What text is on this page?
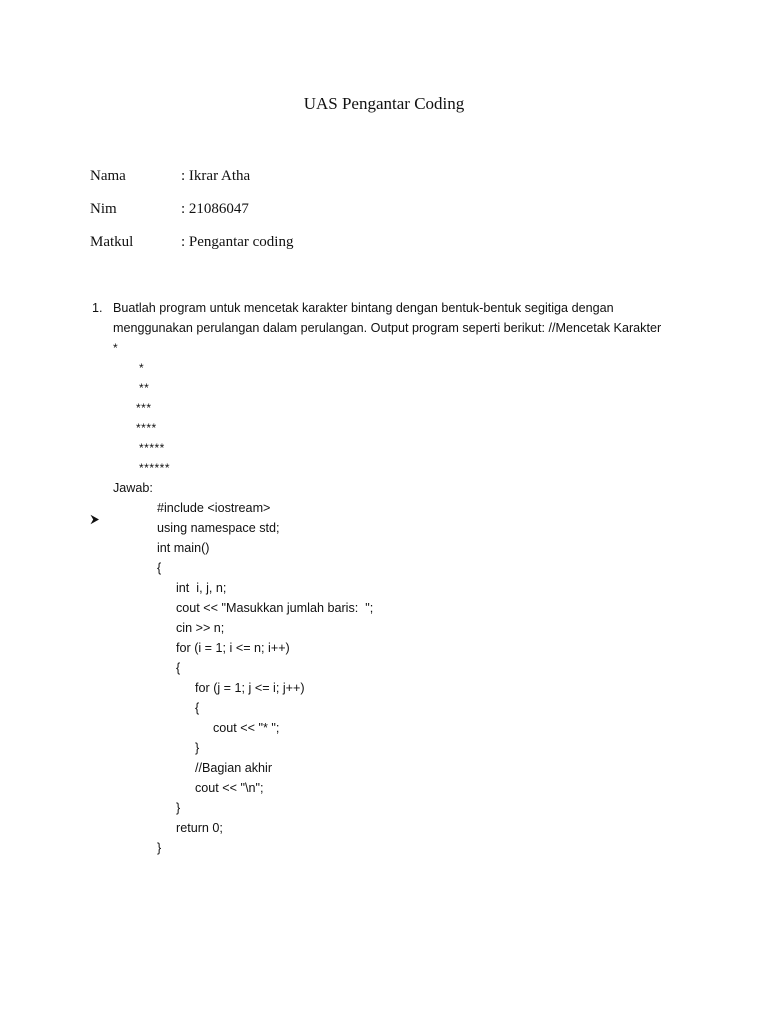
UAS Pengantar Coding
Nama	: Ikrar Atha
Nim	: 21086047
Matkul	: Pengantar coding
1. Buatlah program untuk mencetak karakter bintang dengan bentuk-bentuk segitiga dengan
menggunakan perulangan dalam perulangan. Output program seperti berikut: //Mencetak Karakter
*
*
**
***
****
*****
******

Jawab:
#include <iostream>
using namespace std;
int main()
{
int  i, j, n;
cout << "Masukkan jumlah baris:  ";
cin >> n;
for (i = 1; i <= n; i++)
{
for (j = 1; j <= i; j++)
{
cout << "* ";
}
//Bagian akhir
cout << "\n";
}
return 0;
}
